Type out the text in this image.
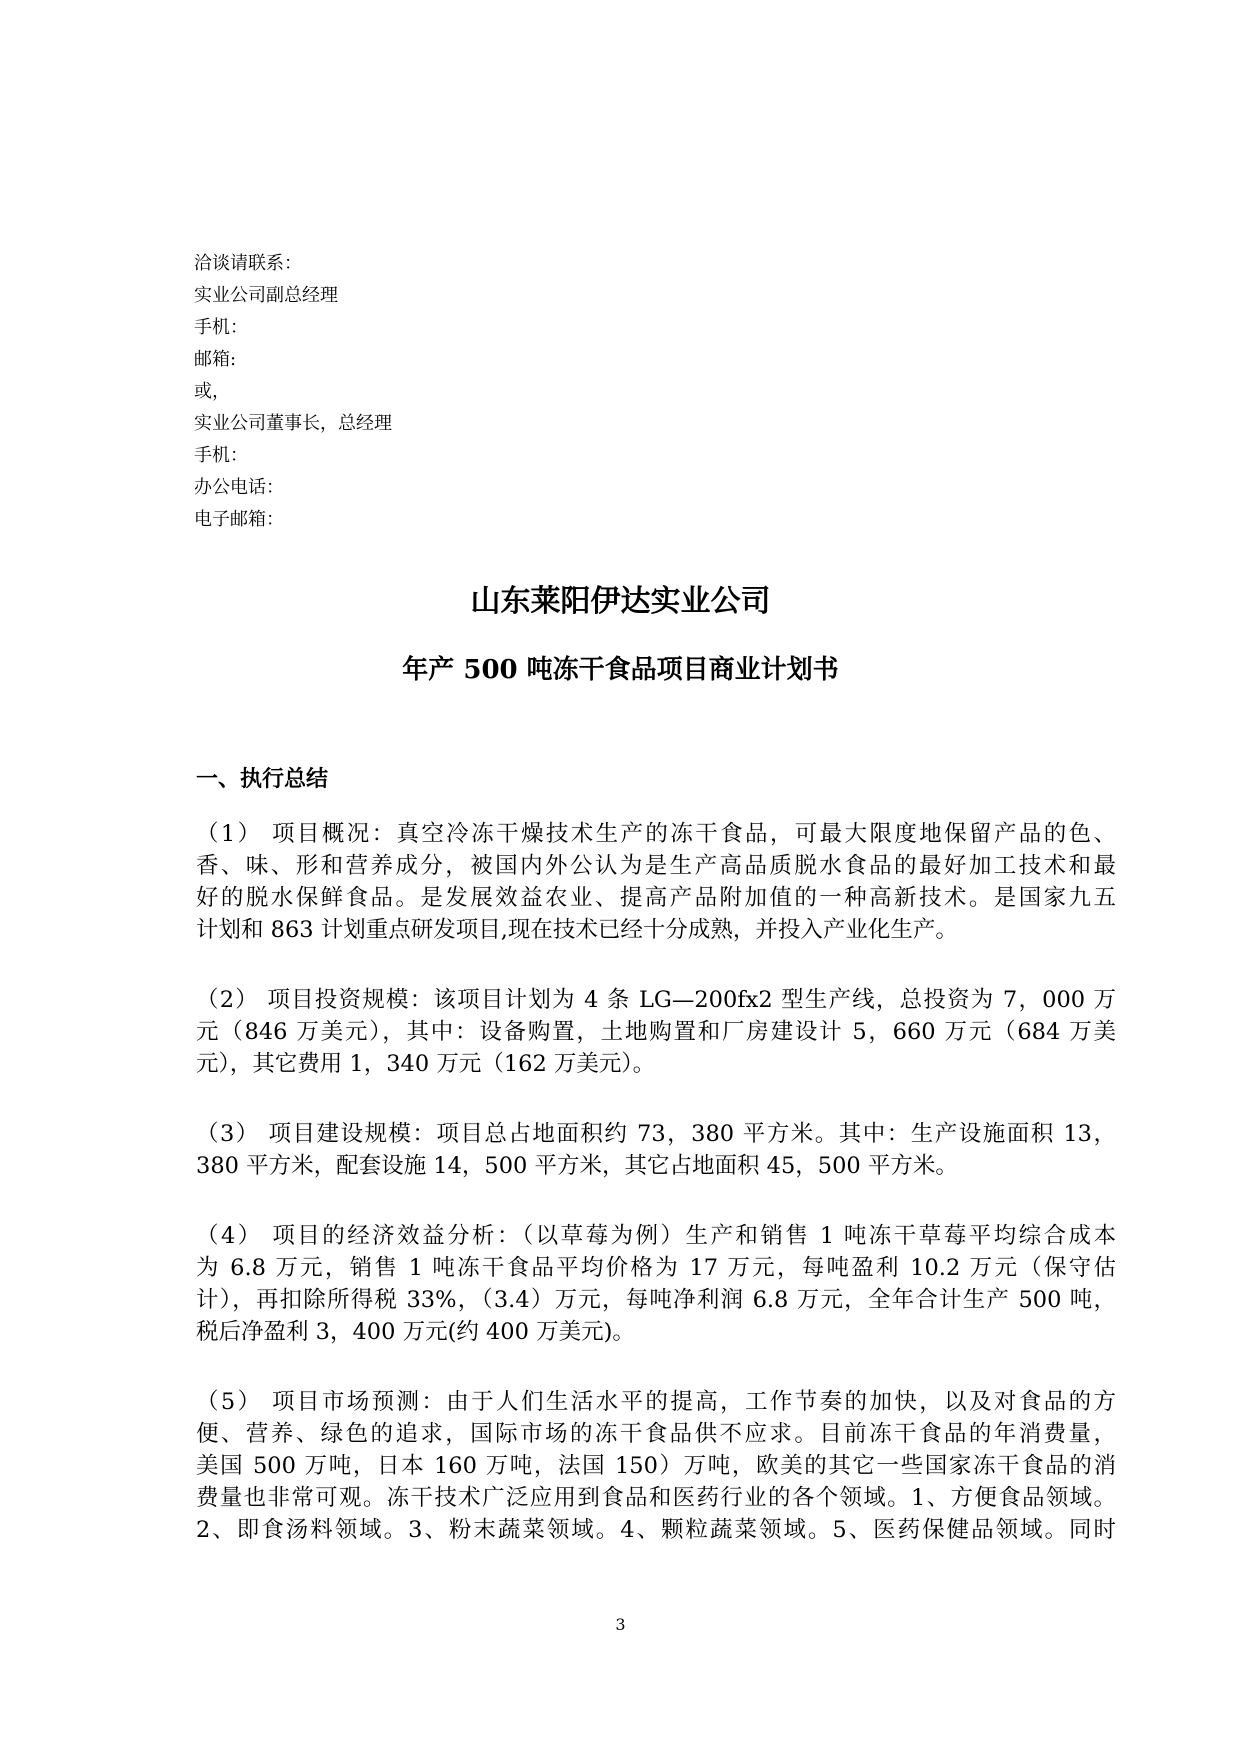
洽谈请联系：
实业公司副总经理
手机：
邮箱:
或，
实业公司董事长，总经理
手机：
办公电话：
电子邮箱：
山东莱阳伊达实业公司
年产 500 吨冻干食品项目商业计划书
一、执行总结
（1） 项目概况：真空冷冻干燥技术生产的冻干食品，可最大限度地保留产品的色、
香、味、形和营养成分，被国内外公认为是生产高品质脱水食品的最好加工技术和最
好的脱水保鲜食品。是发展效益农业、提高产品附加值的一种高新技术。是国家九五
计划和 863 计划重点研发项目,现在技术已经十分成熟，并投入产业化生产。
（2） 项目投资规模：该项目计划为 4 条 LG—200fx2 型生产线，总投资为 7，000 万
元（846 万美元），其中：设备购置，土地购置和厂房建设计 5，660 万元（684 万美
元），其它费用 1，340 万元（162 万美元）。
（3） 项目建设规模：项目总占地面积约 73，380 平方米。其中：生产设施面积 13，
380 平方米，配套设施 14，500 平方米，其它占地面积 45，500 平方米。
（4） 项目的经济效益分析：（以草莓为例）生产和销售 1 吨冻干草莓平均综合成本
为 6.8 万元，销售 1 吨冻干食品平均价格为 17 万元，每吨盈利 10.2 万元（保守估
计），再扣除所得税 33%，（3.4）万元，每吨净利润 6.8 万元，全年合计生产 500 吨，
税后净盈利 3，400 万元(约 400 万美元)。
（5） 项目市场预测：由于人们生活水平的提高，工作节奏的加快，以及对食品的方
便、营养、绿色的追求，国际市场的冻干食品供不应求。目前冻干食品的年消费量，
美国 500 万吨，日本 160 万吨，法国 150）万吨，欧美的其它一些国家冻干食品的消
费量也非常可观。冻干技术广泛应用到食品和医药行业的各个领域。1、方便食品领域。
2、即食汤料领域。3、粉末蔬菜领域。4、颗粒蔬菜领域。5、医药保健品领域。同时
3
